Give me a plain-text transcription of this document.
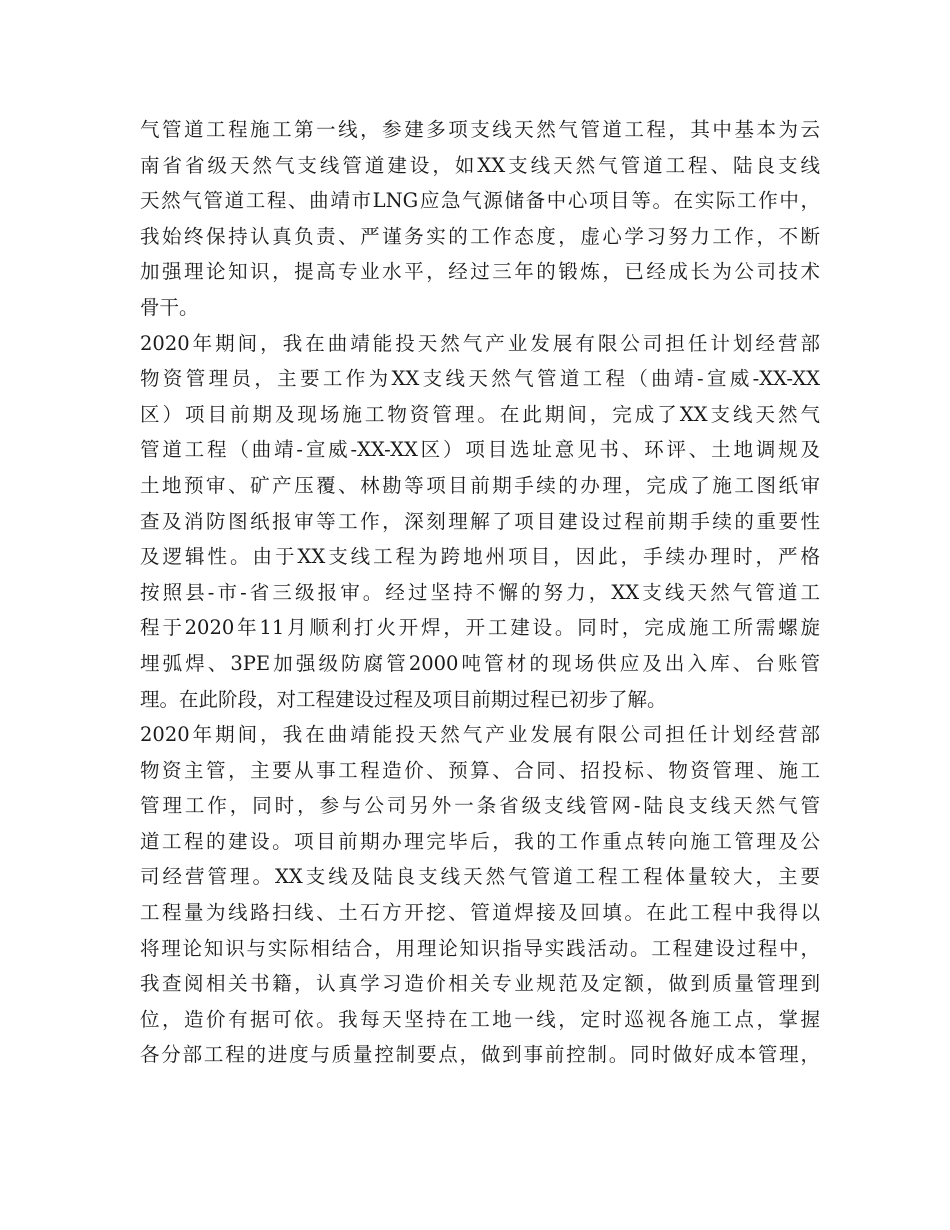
气管道工程施工第一线，参建多项支线天然气管道工程，其中基本为云
南省省级天然气支线管道建设，如XX支线天然气管道工程、陆良支线
天然气管道工程、曲靖市LNG应急气源储备中心项目等。在实际工作中，
我始终保持认真负责、严谨务实的工作态度，虚心学习努力工作，不断
加强理论知识，提高专业水平，经过三年的锻炼，已经成长为公司技术
骨干。
2020年期间，我在曲靖能投天然气产业发展有限公司担任计划经营部
物资管理员，主要工作为XX支线天然气管道工程（曲靖-宣威-XX-XX
区）项目前期及现场施工物资管理。在此期间，完成了XX支线天然气
管道工程（曲靖-宣威-XX-XX区）项目选址意见书、环评、土地调规及
土地预审、矿产压覆、林勘等项目前期手续的办理，完成了施工图纸审
查及消防图纸报审等工作，深刻理解了项目建设过程前期手续的重要性
及逻辑性。由于XX支线工程为跨地州项目，因此，手续办理时，严格
按照县-市-省三级报审。经过坚持不懈的努力，XX支线天然气管道工
程于2020年11月顺利打火开焊，开工建设。同时，完成施工所需螺旋
埋弧焊、3PE加强级防腐管2000吨管材的现场供应及出入库、台账管
理。在此阶段，对工程建设过程及项目前期过程已初步了解。
2020年期间，我在曲靖能投天然气产业发展有限公司担任计划经营部
物资主管，主要从事工程造价、预算、合同、招投标、物资管理、施工
管理工作，同时，参与公司另外一条省级支线管网-陆良支线天然气管
道工程的建设。项目前期办理完毕后，我的工作重点转向施工管理及公
司经营管理。XX支线及陆良支线天然气管道工程工程体量较大，主要
工程量为线路扫线、土石方开挖、管道焊接及回填。在此工程中我得以
将理论知识与实际相结合，用理论知识指导实践活动。工程建设过程中，
我查阅相关书籍，认真学习造价相关专业规范及定额，做到质量管理到
位，造价有据可依。我每天坚持在工地一线，定时巡视各施工点，掌握
各分部工程的进度与质量控制要点，做到事前控制。同时做好成本管理，
